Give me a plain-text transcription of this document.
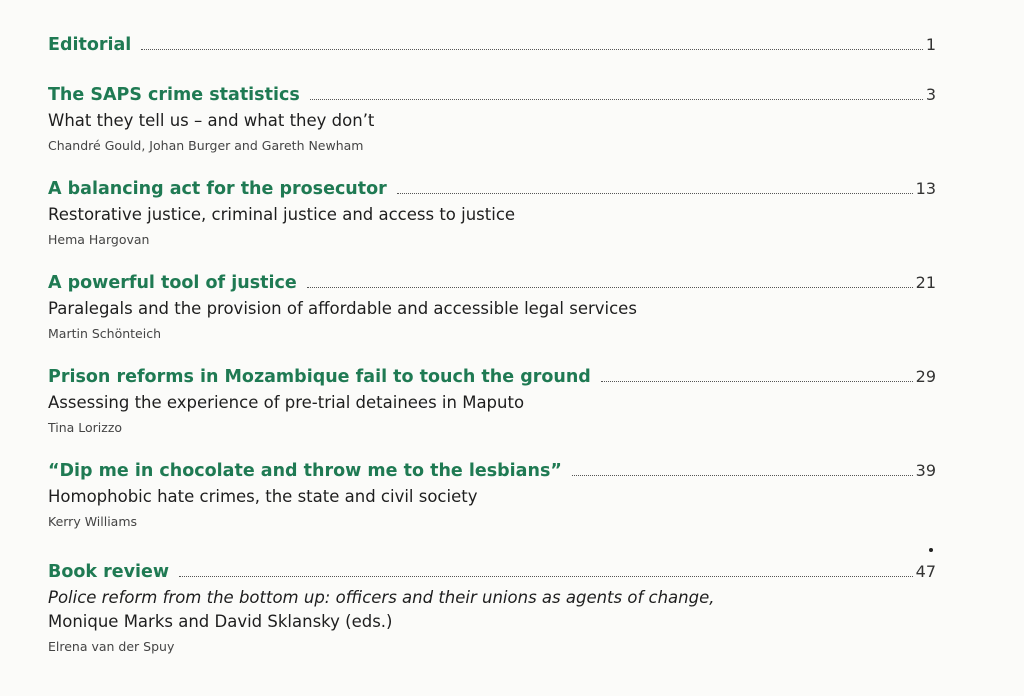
Editorial	1
The SAPS crime statistics	3
What they tell us – and what they don’t
Chandré Gould, Johan Burger and Gareth Newham
A balancing act for the prosecutor	13
Restorative justice, criminal justice and access to justice
Hema Hargovan
A powerful tool of justice	21
Paralegals and the provision of affordable and accessible legal services
Martin Schönteich
Prison reforms in Mozambique fail to touch the ground	29
Assessing the experience of pre-trial detainees in Maputo
Tina Lorizzo
“Dip me in chocolate and throw me to the lesbians”	39
Homophobic hate crimes, the state and civil society
Kerry Williams
Book review	47
Police reform from the bottom up: officers and their unions as agents of change,
Monique Marks and David Sklansky (eds.)
Elrena van der Spuy
